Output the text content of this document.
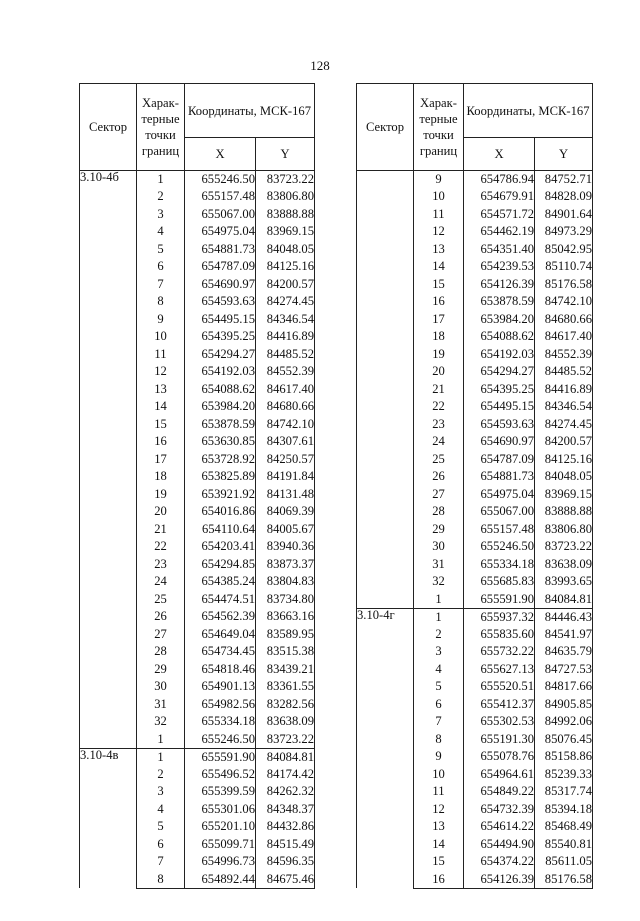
128
Сектор	Харак-терные точки границ	Координаты, МСК-167	

		X	Y
3.10-4б	1	655246.50	83723.22
	2	655157.48	83806.80
	3	655067.00	83888.88
	4	654975.04	83969.15
	5	654881.73	84048.05
	6	654787.09	84125.16
	7	654690.97	84200.57
	8	654593.63	84274.45
	9	654495.15	84346.54
	10	654395.25	84416.89
	11	654294.27	84485.52
	12	654192.03	84552.39
	13	654088.62	84617.40
	14	653984.20	84680.66
	15	653878.59	84742.10
	16	653630.85	84307.61
	17	653728.92	84250.57
	18	653825.89	84191.84
	19	653921.92	84131.48
	20	654016.86	84069.39
	21	654110.64	84005.67
	22	654203.41	83940.36
	23	654294.85	83873.37
	24	654385.24	83804.83
	25	654474.51	83734.80
	26	654562.39	83663.16
	27	654649.04	83589.95
	28	654734.45	83515.38
	29	654818.46	83439.21
	30	654901.13	83361.55
	31	654982.56	83282.56
	32	655334.18	83638.09
	1	655246.50	83723.22
3.10-4в	1	655591.90	84084.81
	2	655496.52	84174.42
	3	655399.59	84262.32
	4	655301.06	84348.37
	5	655201.10	84432.86
	6	655099.71	84515.49
	7	654996.73	84596.35
	8	654892.44	84675.46
Сектор	Харак-терные точки границ	Координаты, МСК-167	

		X	Y
	9	654786.94	84752.71
	10	654679.91	84828.09
	11	654571.72	84901.64
	12	654462.19	84973.29
	13	654351.40	85042.95
	14	654239.53	85110.74
	15	654126.39	85176.58
	16	653878.59	84742.10
	17	653984.20	84680.66
	18	654088.62	84617.40
	19	654192.03	84552.39
	20	654294.27	84485.52
	21	654395.25	84416.89
	22	654495.15	84346.54
	23	654593.63	84274.45
	24	654690.97	84200.57
	25	654787.09	84125.16
	26	654881.73	84048.05
	27	654975.04	83969.15
	28	655067.00	83888.88
	29	655157.48	83806.80
	30	655246.50	83723.22
	31	655334.18	83638.09
	32	655685.83	83993.65
	1	655591.90	84084.81
3.10-4г	1	655937.32	84446.43
	2	655835.60	84541.97
	3	655732.22	84635.79
	4	655627.13	84727.53
	5	655520.51	84817.66
	6	655412.37	84905.85
	7	655302.53	84992.06
	8	655191.30	85076.45
	9	655078.76	85158.86
	10	654964.61	85239.33
	11	654849.22	85317.74
	12	654732.39	85394.18
	13	654614.22	85468.49
	14	654494.90	85540.81
	15	654374.22	85611.05
	16	654126.39	85176.58
